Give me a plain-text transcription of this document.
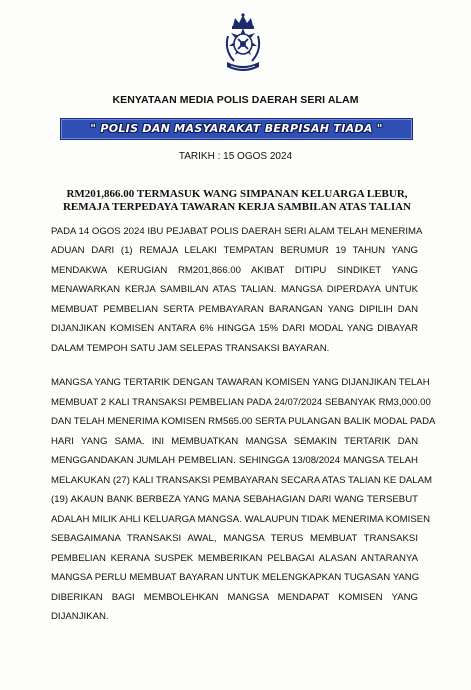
KENYATAAN MEDIA POLIS DAERAH SERI ALAM
" POLIS DAN MASYARAKAT BERPISAH TIADA "
TARIKH : 15 OGOS 2024
RM201,866.00 TERMASUK WANG SIMPANAN KELUARGA LEBUR,
REMAJA TERPEDAYA TAWARAN KERJA SAMBILAN ATAS TALIAN
PADA 14 OGOS 2024 IBU PEJABAT POLIS DAERAH SERI ALAM TELAH MENERIMA
ADUAN DARI (1) REMAJA LELAKI TEMPATAN BERUMUR 19 TAHUN YANG
MENDAKWA KERUGIAN RM201,866.00 AKIBAT DITIPU SINDIKET YANG
MENAWARKAN KERJA SAMBILAN ATAS TALIAN. MANGSA DIPERDAYA UNTUK
MEMBUAT PEMBELIAN SERTA PEMBAYARAN BARANGAN YANG DIPILIH DAN
DIJANJIKAN KOMISEN ANTARA 6% HINGGA 15% DARI MODAL YANG DIBAYAR
DALAM TEMPOH SATU JAM SELEPAS TRANSAKSI BAYARAN.
MANGSA YANG TERTARIK DENGAN TAWARAN KOMISEN YANG DIJANJIKAN TELAH
MEMBUAT 2 KALI TRANSAKSI PEMBELIAN PADA 24/07/2024 SEBANYAK RM3,000.00
DAN TELAH MENERIMA KOMISEN RM565.00 SERTA PULANGAN BALIK MODAL PADA
HARI YANG SAMA. INI MEMBUATKAN MANGSA SEMAKIN TERTARIK DAN
MENGGANDAKAN JUMLAH PEMBELIAN. SEHINGGA 13/08/2024 MANGSA TELAH
MELAKUKAN (27) KALI TRANSAKSI PEMBAYARAN SECARA ATAS TALIAN KE DALAM
(19) AKAUN BANK BERBEZA YANG MANA SEBAHAGIAN DARI WANG TERSEBUT
ADALAH MILIK AHLI KELUARGA MANGSA. WALAUPUN TIDAK MENERIMA KOMISEN
SEBAGAIMANA TRANSAKSI AWAL, MANGSA TERUS MEMBUAT TRANSAKSI
PEMBELIAN KERANA SUSPEK MEMBERIKAN PELBAGAI ALASAN ANTARANYA
MANGSA PERLU MEMBUAT BAYARAN UNTUK MELENGKAPKAN TUGASAN YANG
DIBERIKAN BAGI MEMBOLEHKAN MANGSA MENDAPAT KOMISEN YANG
DIJANJIKAN.
